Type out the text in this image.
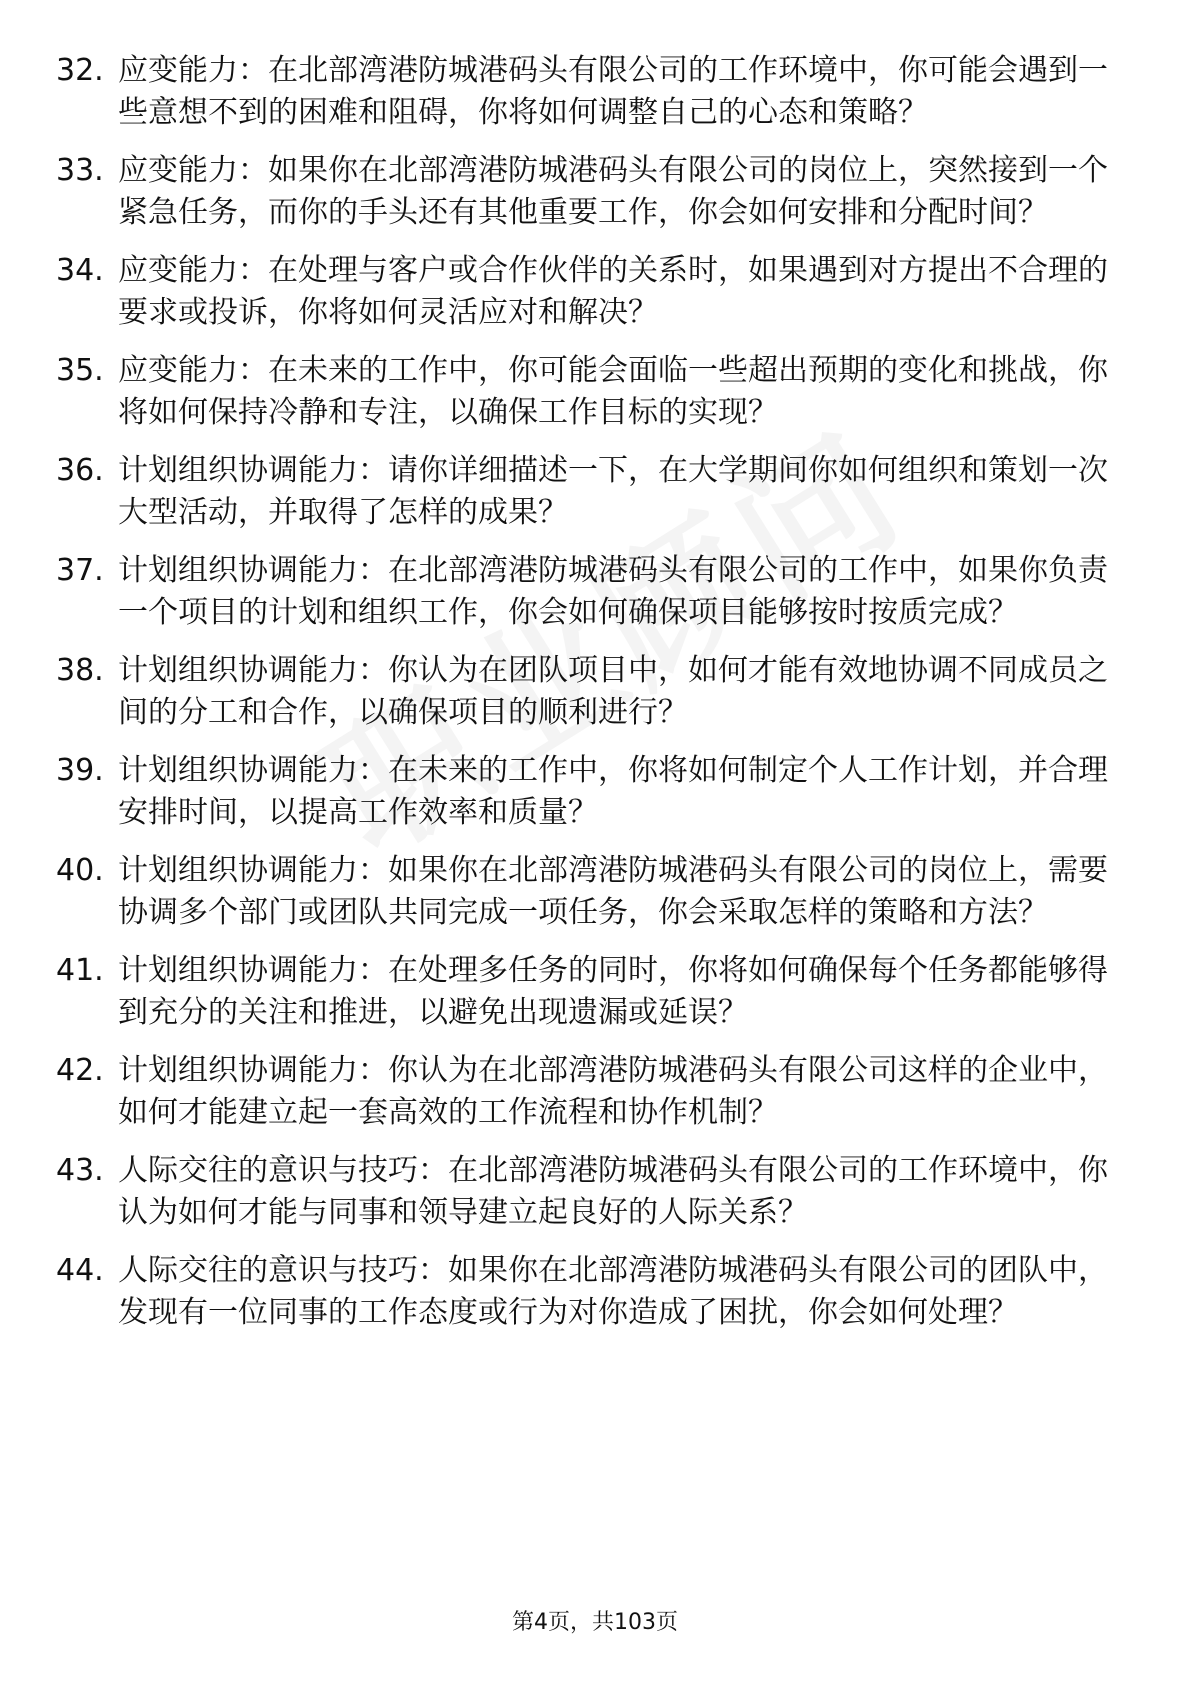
32. 应变能力：在北部湾港防城港码头有限公司的工作环境中，你可能会遇到一些意想不到的困难和阻碍，你将如何调整自己的心态和策略？
33. 应变能力：如果你在北部湾港防城港码头有限公司的岗位上，突然接到一个紧急任务，而你的手头还有其他重要工作，你会如何安排和分配时间？
34. 应变能力：在处理与客户或合作伙伴的关系时，如果遇到对方提出不合理的要求或投诉，你将如何灵活应对和解决？
35. 应变能力：在未来的工作中，你可能会面临一些超出预期的变化和挑战，你将如何保持冷静和专注，以确保工作目标的实现？
36. 计划组织协调能力：请你详细描述一下，在大学期间你如何组织和策划一次大型活动，并取得了怎样的成果？
37. 计划组织协调能力：在北部湾港防城港码头有限公司的工作中，如果你负责一个项目的计划和组织工作，你会如何确保项目能够按时按质完成？
38. 计划组织协调能力：你认为在团队项目中，如何才能有效地协调不同成员之间的分工和合作，以确保项目的顺利进行？
39. 计划组织协调能力：在未来的工作中，你将如何制定个人工作计划，并合理安排时间，以提高工作效率和质量？
40. 计划组织协调能力：如果你在北部湾港防城港码头有限公司的岗位上，需要协调多个部门或团队共同完成一项任务，你会采取怎样的策略和方法？
41. 计划组织协调能力：在处理多任务的同时，你将如何确保每个任务都能够得到充分的关注和推进，以避免出现遗漏或延误？
42. 计划组织协调能力：你认为在北部湾港防城港码头有限公司这样的企业中，如何才能建立起一套高效的工作流程和协作机制？
43. 人际交往的意识与技巧：在北部湾港防城港码头有限公司的工作环境中，你认为如何才能与同事和领导建立起良好的人际关系？
44. 人际交往的意识与技巧：如果你在北部湾港防城港码头有限公司的团队中，发现有一位同事的工作态度或行为对你造成了困扰，你会如何处理？
第4页，共103页
